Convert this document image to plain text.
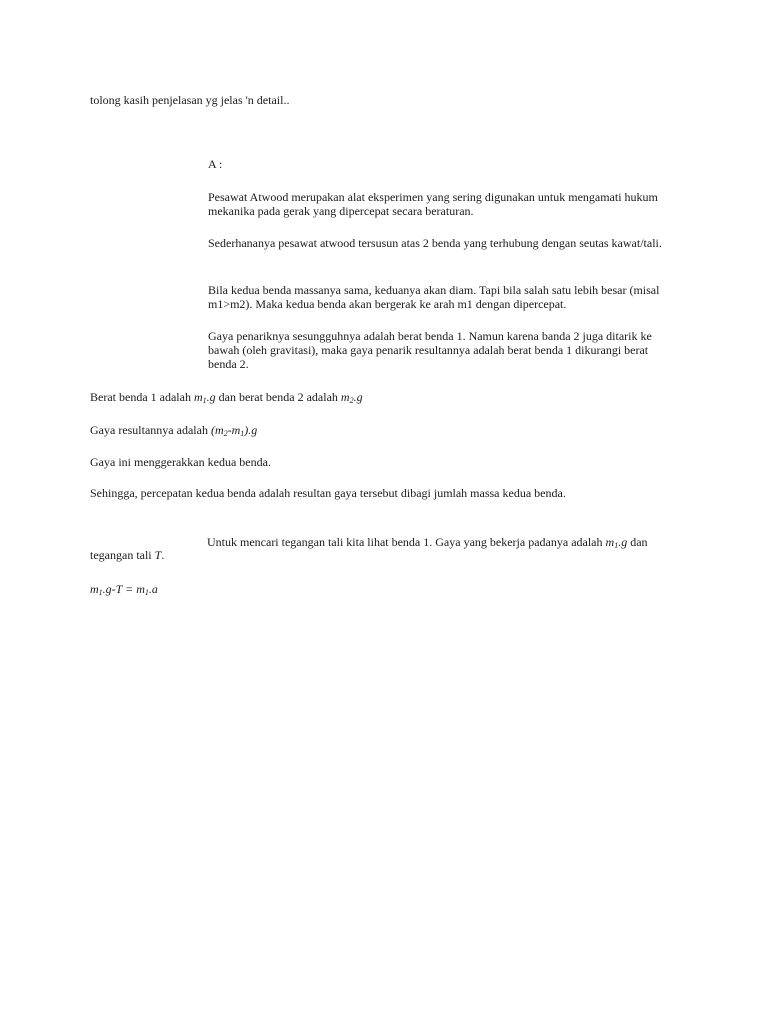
tolong kasih penjelasan yg jelas 'n detail..

A :

Pesawat Atwood merupakan alat eksperimen yang sering digunakan untuk mengamati hukum mekanika pada gerak yang dipercepat secara beraturan.

Sederhananya pesawat atwood tersusun atas 2 benda yang terhubung dengan seutas kawat/tali.

Bila kedua benda massanya sama, keduanya akan diam. Tapi bila salah satu lebih besar (misal m1>m2). Maka kedua benda akan bergerak ke arah m1 dengan dipercepat.

Gaya penariknya sesungguhnya adalah berat benda 1. Namun karena banda 2 juga ditarik ke bawah (oleh gravitasi), maka gaya penarik resultannya adalah berat benda 1 dikurangi berat benda 2.

Berat benda 1 adalah $m_1.g$ dan berat benda 2 adalah $m_2.g$

Gaya resultannya adalah $(m_2-m_1).g$

Gaya ini menggerakkan kedua benda.

Sehingga, percepatan kedua benda adalah resultan gaya tersebut dibagi jumlah massa kedua benda.

Untuk mencari tegangan tali kita lihat benda 1. Gaya yang bekerja padanya adalah $m_1.g$ dan

tegangan tali T.

$m_1.g-T = m_1.a$
